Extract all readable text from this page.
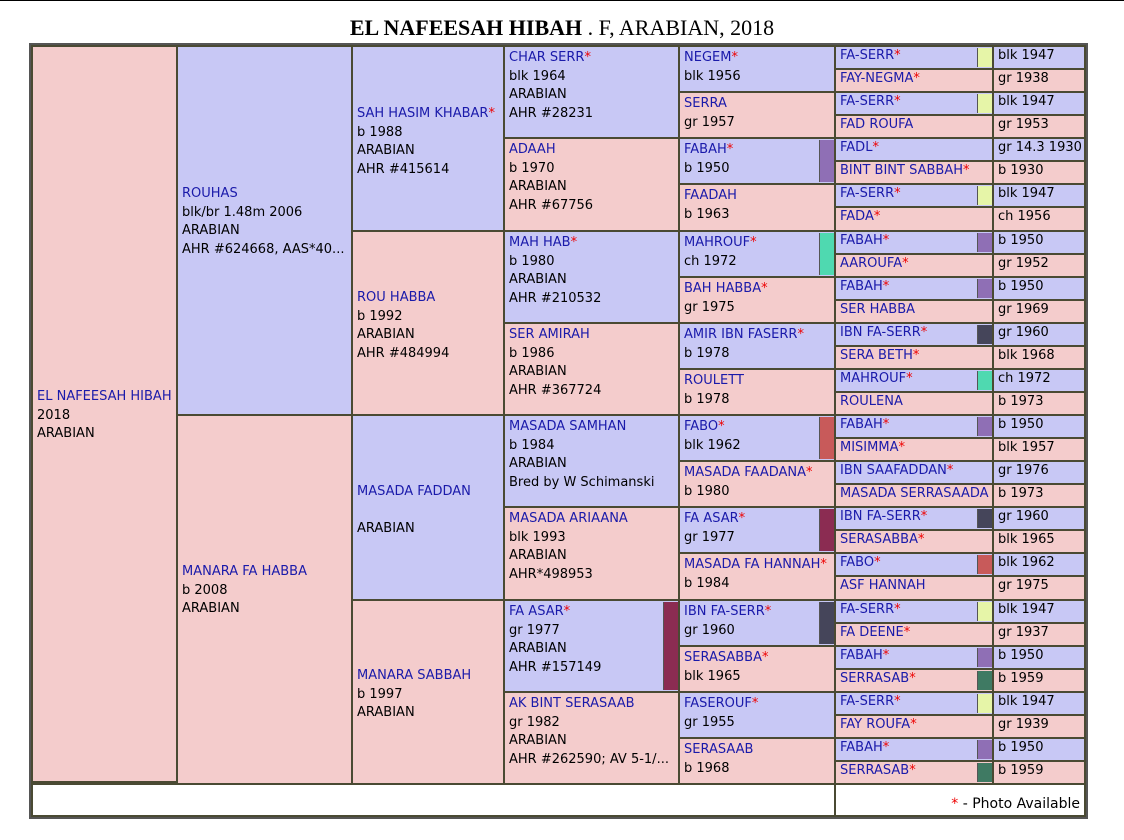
EL NAFEESAH HIBAH . F, ARABIAN, 2018
EL NAFEESAH HIBAH
2018
ARABIAN
ROUHAS
blk/br 1.48m 2006
ARABIAN
AHR #624668, AAS*40...
MANARA FA HABBA
b 2008
ARABIAN
SAH HASIM KHABAR*
b 1988
ARABIAN
AHR #415614
ROU HABBA
b 1992
ARABIAN
AHR #484994
MASADA FADDAN

ARABIAN
MANARA SABBAH
b 1997
ARABIAN
CHAR SERR*
blk 1964
ARABIAN
AHR #28231
ADAAH
b 1970
ARABIAN
AHR #67756
MAH HAB*
b 1980
ARABIAN
AHR #210532
SER AMIRAH
b 1986
ARABIAN
AHR #367724
MASADA SAMHAN
b 1984
ARABIAN
Bred by W Schimanski
MASADA ARIAANA
blk 1993
ARABIAN
AHR*498953
FA ASAR*
gr 1977
ARABIAN
AHR #157149
AK BINT SERASAAB
gr 1982
ARABIAN
AHR #262590; AV 5-1/...
NEGEM*
blk 1956
SERRA
gr 1957
FABAH*
b 1950
FAADAH
b 1963
MAHROUF*
ch 1972
BAH HABBA*
gr 1975
AMIR IBN FASERR*
b 1978
ROULETT
b 1978
FABO*
blk 1962
MASADA FAADANA*
b 1980
FA ASAR*
gr 1977
MASADA FA HANNAH*
b 1984
IBN FA-SERR*
gr 1960
SERASABBA*
blk 1965
FASEROUF*
gr 1955
SERASAAB
b 1968
FA-SERR*	blk 1947
FAY-NEGMA*	gr 1938
FA-SERR*	blk 1947
FAD ROUFA	gr 1953
FADL*	gr 14.3 1930
BINT BINT SABBAH*	b 1930
FA-SERR*	blk 1947
FADA*	ch 1956
FABAH*	b 1950
AAROUFA*	gr 1952
FABAH*	b 1950
SER HABBA	gr 1969
IBN FA-SERR*	gr 1960
SERA BETH*	blk 1968
MAHROUF*	ch 1972
ROULENA	b 1973
FABAH*	b 1950
MISIMMA*	blk 1957
IBN SAAFADDAN*	gr 1976
MASADA SERRASAADA b 1973
IBN FA-SERR*	gr 1960
SERASABBA*	blk 1965
FABO*	blk 1962
ASF HANNAH	gr 1975
FA-SERR*	blk 1947
FA DEENE*	gr 1937
FABAH*	b 1950
SERRASAB*	b 1959
FA-SERR*	blk 1947
FAY ROUFA*	gr 1939
FABAH*	b 1950
SERRASAB*	b 1959
* - Photo Available
